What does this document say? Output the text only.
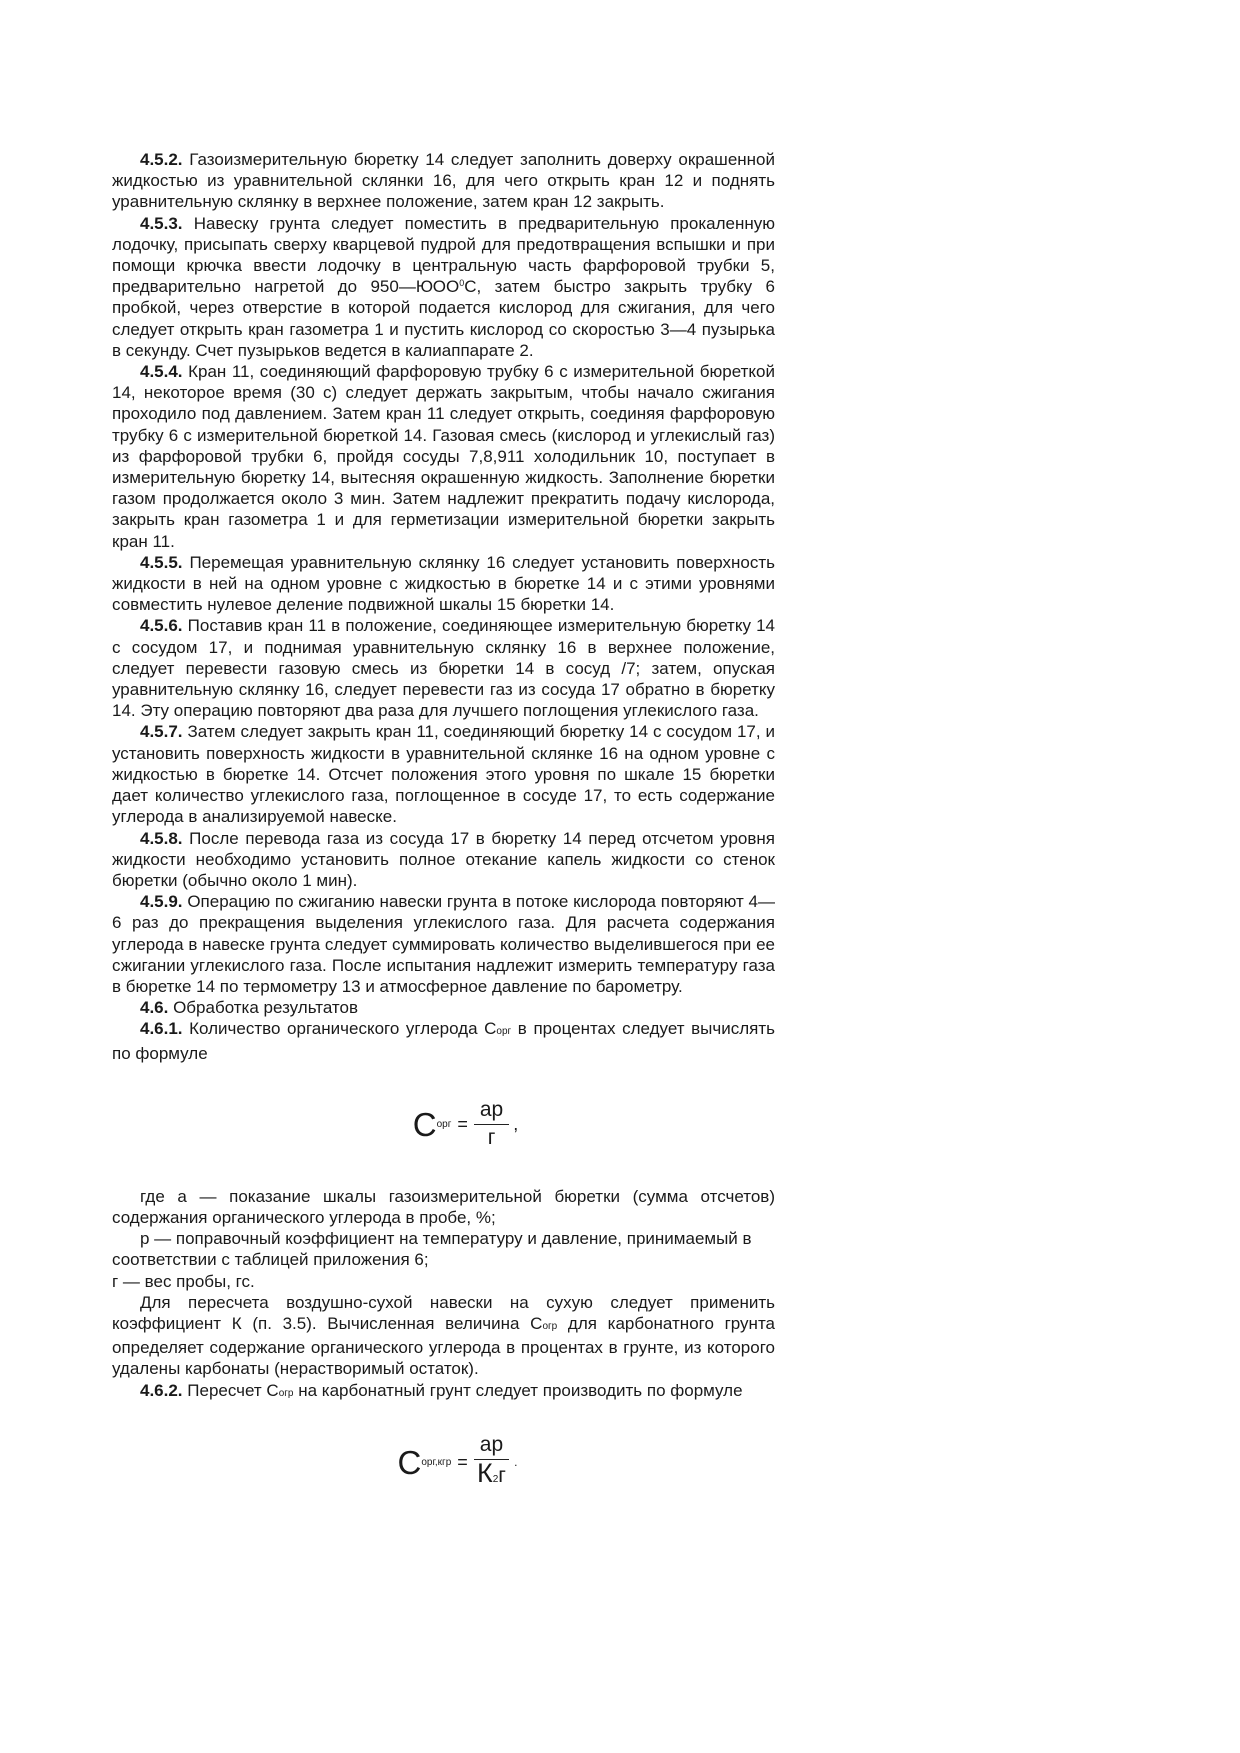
4.5.2. Газоизмерительную бюретку 14 следует заполнить доверху окрашенной жидкостью из уравнительной склянки 16, для чего открыть кран 12 и поднять уравнительную склянку в верхнее положение, затем кран 12 закрыть.

4.5.3. Навеску грунта следует поместить в предварительную прокаленную лодочку, присыпать сверху кварцевой пудрой для предотвращения вспышки и при помощи крючка ввести лодочку в центральную часть фарфоровой трубки 5, предварительно нагретой до 950—ЮОО$^0$С, затем быстро закрыть трубку 6 пробкой, через отверстие в которой подается кислород для сжигания, для чего следует открыть кран газометра 1 и пустить кислород со скоростью 3—4 пузырька в секунду. Счет пузырьков ведется в калиаппарате 2.

4.5.4. Кран 11, соединяющий фарфоровую трубку 6 с измерительной бюреткой 14, некоторое время (30 с) следует держать закрытым, чтобы начало сжигания проходило под давлением. Затем кран 11 следует открыть, соединяя фарфоровую трубку 6 с измерительной бюреткой 14. Газовая смесь (кислород и углекислый газ) из фарфоровой трубки 6, пройдя сосуды 7,8,911 холодильник 10, поступает в измерительную бюретку 14, вытесняя окрашенную жидкость. Заполнение бюретки газом продолжается около 3 мин. Затем надлежит прекратить подачу кислорода, закрыть кран газометра 1 и для герметизации измерительной бюретки закрыть кран 11.

4.5.5. Перемещая уравнительную склянку 16 следует установить поверхность жидкости в ней на одном уровне с жидкостью в бюретке 14 и с этими уровнями совместить нулевое деление подвижной шкалы 15 бюретки 14.

4.5.6. Поставив кран 11 в положение, соединяющее измерительную бюретку 14 с сосудом 17, и поднимая уравнительную склянку 16 в верхнее положение, следует перевести газовую смесь из бюретки 14 в сосуд /7; затем, опуская уравнительную склянку 16, следует перевести газ из сосуда 17 обратно в бюретку 14. Эту операцию повторяют два раза для лучшего поглощения углекислого газа.

4.5.7. Затем следует закрыть кран 11, соединяющий бюретку 14 с сосудом 17, и установить поверхность жидкости в уравнительной склянке 16 на одном уровне с жидкостью в бюретке 14. Отсчет положения этого уровня по шкале 15 бюретки дает количество углекислого газа, поглощенное в сосуде 17, то есть содержание углерода в анализируемой навеске.

4.5.8. После перевода газа из сосуда 17 в бюретку 14 перед отсчетом уровня жидкости необходимо установить полное отекание капель жидкости со стенок бюретки (обычно около 1 мин).

4.5.9. Операцию по сжиганию навески грунта в потоке кислорода повторяют 4—6 раз до прекращения выделения углекислого газа. Для расчета содержания углерода в навеске грунта следует суммировать количество выделившегося при ее сжигании углекислого газа. После испытания надлежит измерить температуру газа в бюретке 14 по термометру 13 и атмосферное давление по барометру.

4.6. Обработка результатов

4.6.1. Количество органического углерода Сорг в процентах следует вычислять по формуле

С орг = $\frac{ар}{г}$ ,

где а — показание шкалы газоизмерительной бюретки (сумма отсчетов) содержания органического углерода в пробе, %;

р — поправочный коэффициент на температуру и давление, принимаемый в соответствии с таблицей приложения 6;

г — вес пробы, гс.

Для пересчета воздушно-сухой навески на сухую следует применить коэффициент К (п. 3.5). Вычисленная величина Согр для карбонатного грунта определяет содержание органического углерода в процентах в грунте, из которого удалены карбонаты (нерастворимый остаток).

4.6.2. Пересчет Согр на карбонатный грунт следует производить по формуле

С $орг,кгр = \frac{ар}{К2г}$ .
